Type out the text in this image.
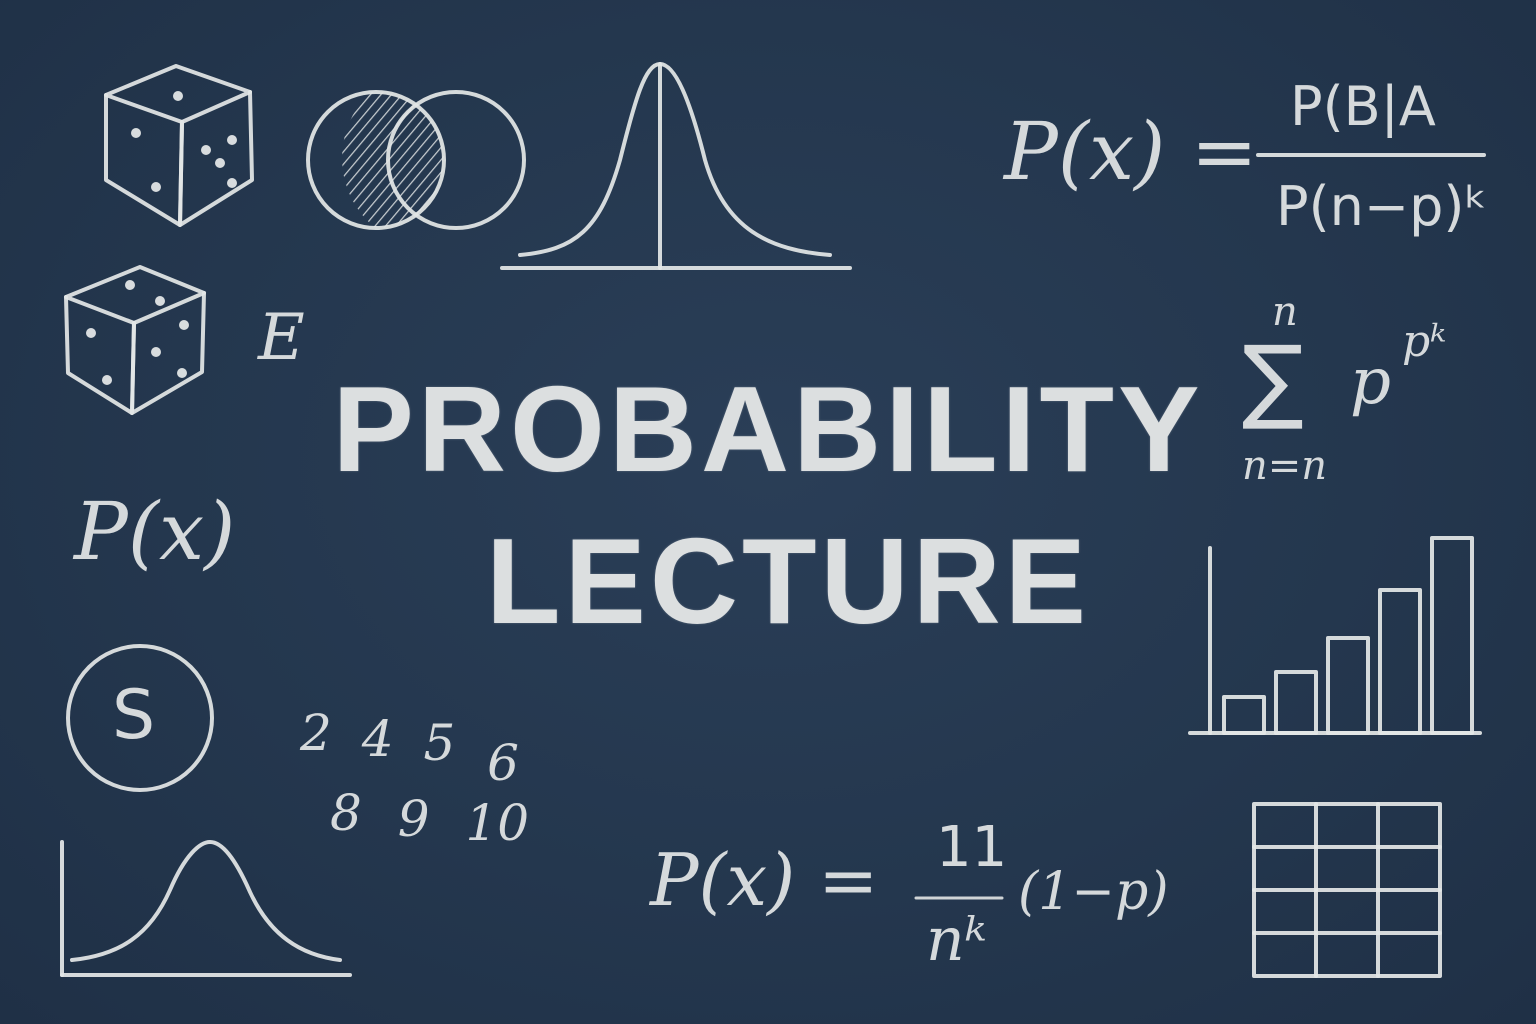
PROBABILITY
LECTURE
E
P(x)
S	2 4 5 6
8 9 10
P(x) = P(B|A
P(n−p)ᵏ
n
∑
n=n
p
pᵏ
P(x) = 11
nᵏ
(1−p)
